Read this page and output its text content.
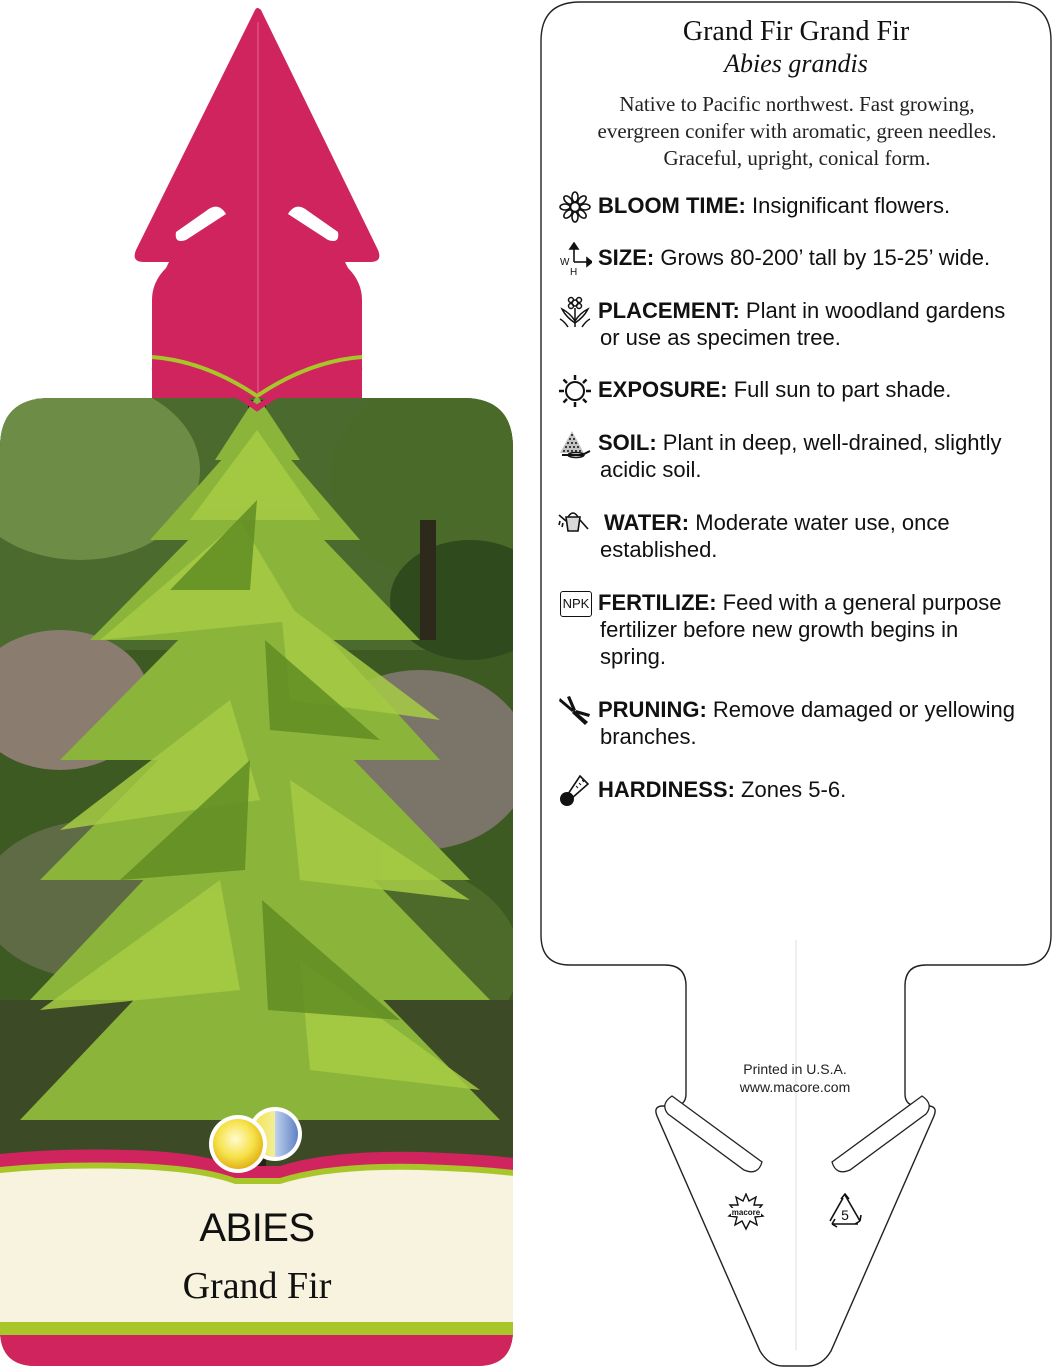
ABIES
Grand Fir
Grand Fir Grand Fir
Abies grandis
Native to Pacific northwest. Fast growing,
evergreen conifer with aromatic, green needles.
Graceful, upright, conical form.
BLOOM TIME: Insignificant flowers.
W
H
SIZE: Grows 80-200’ tall by 15-25’ wide.
PLACEMENT: Plant in woodland gardens
or use as specimen tree.
EXPOSURE: Full sun to part shade.
SOIL: Plant in deep, well-drained, slightly
acidic soil.
WATER: Moderate water use, once
established.
NPK FERTILIZE: Feed with a general purpose
fertilizer before new growth begins in
spring.
PRUNING: Remove damaged or yellowing
branches.
HARDINESS: Zones 5-6.
Printed in U.S.A.
www.macore.com
macore	5
